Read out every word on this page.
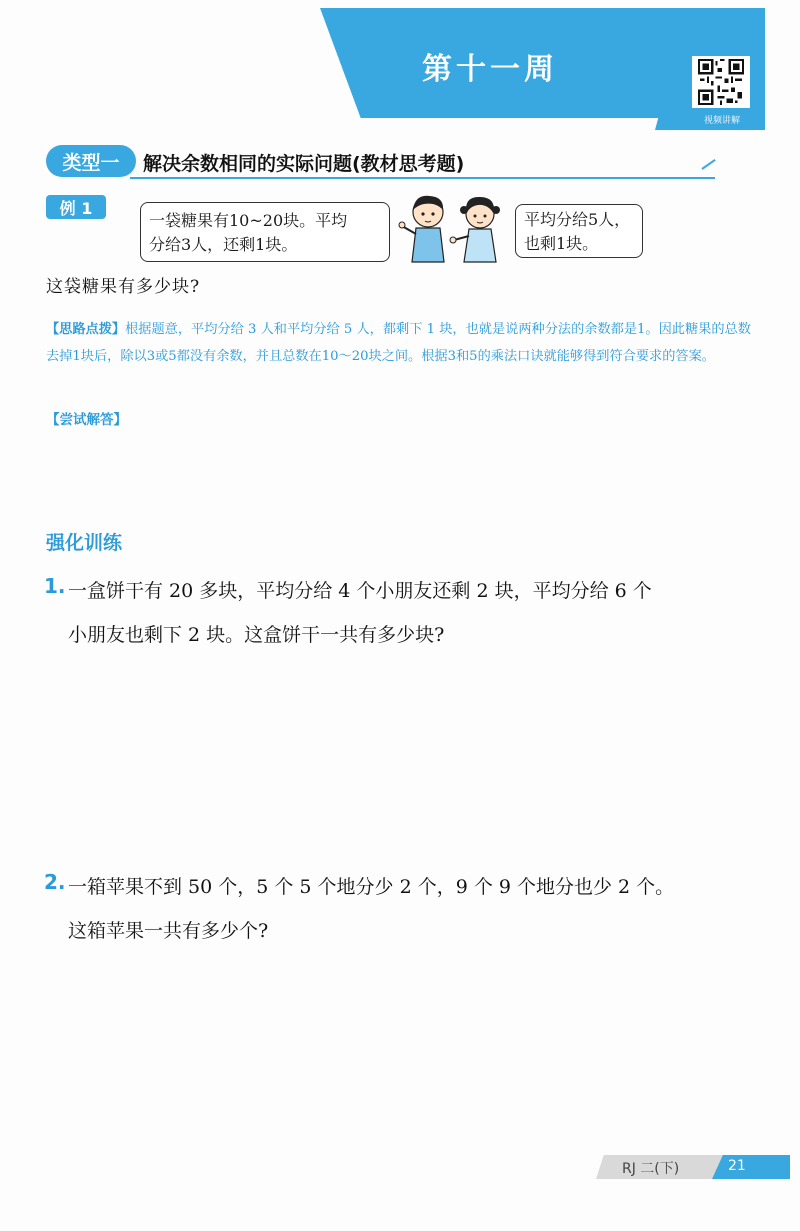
第十一周
视频讲解
类型一	解决余数相同的实际问题(教材思考题)
例 1
一袋糖果有10~20块。平均
分给3人，还剩1块。
平均分给5人，
也剩1块。
这袋糖果有多少块?
【思路点拨】根据题意，平均分给 3 人和平均分给 5 人，都剩下 1 块，也就是说两种分法的余数都是1。因此糖果的总数去掉1块后，除以3或5都没有余数，并且总数在10～20块之间。根据3和5的乘法口诀就能够得到符合要求的答案。
【尝试解答】
强化训练
1. 一盒饼干有 20 多块，平均分给 4 个小朋友还剩 2 块，平均分给 6 个
小朋友也剩下 2 块。这盒饼干一共有多少块?
2. 一箱苹果不到 50 个，5 个 5 个地分少 2 个，9 个 9 个地分也少 2 个。
这箱苹果一共有多少个?
RJ 二(下)	21
